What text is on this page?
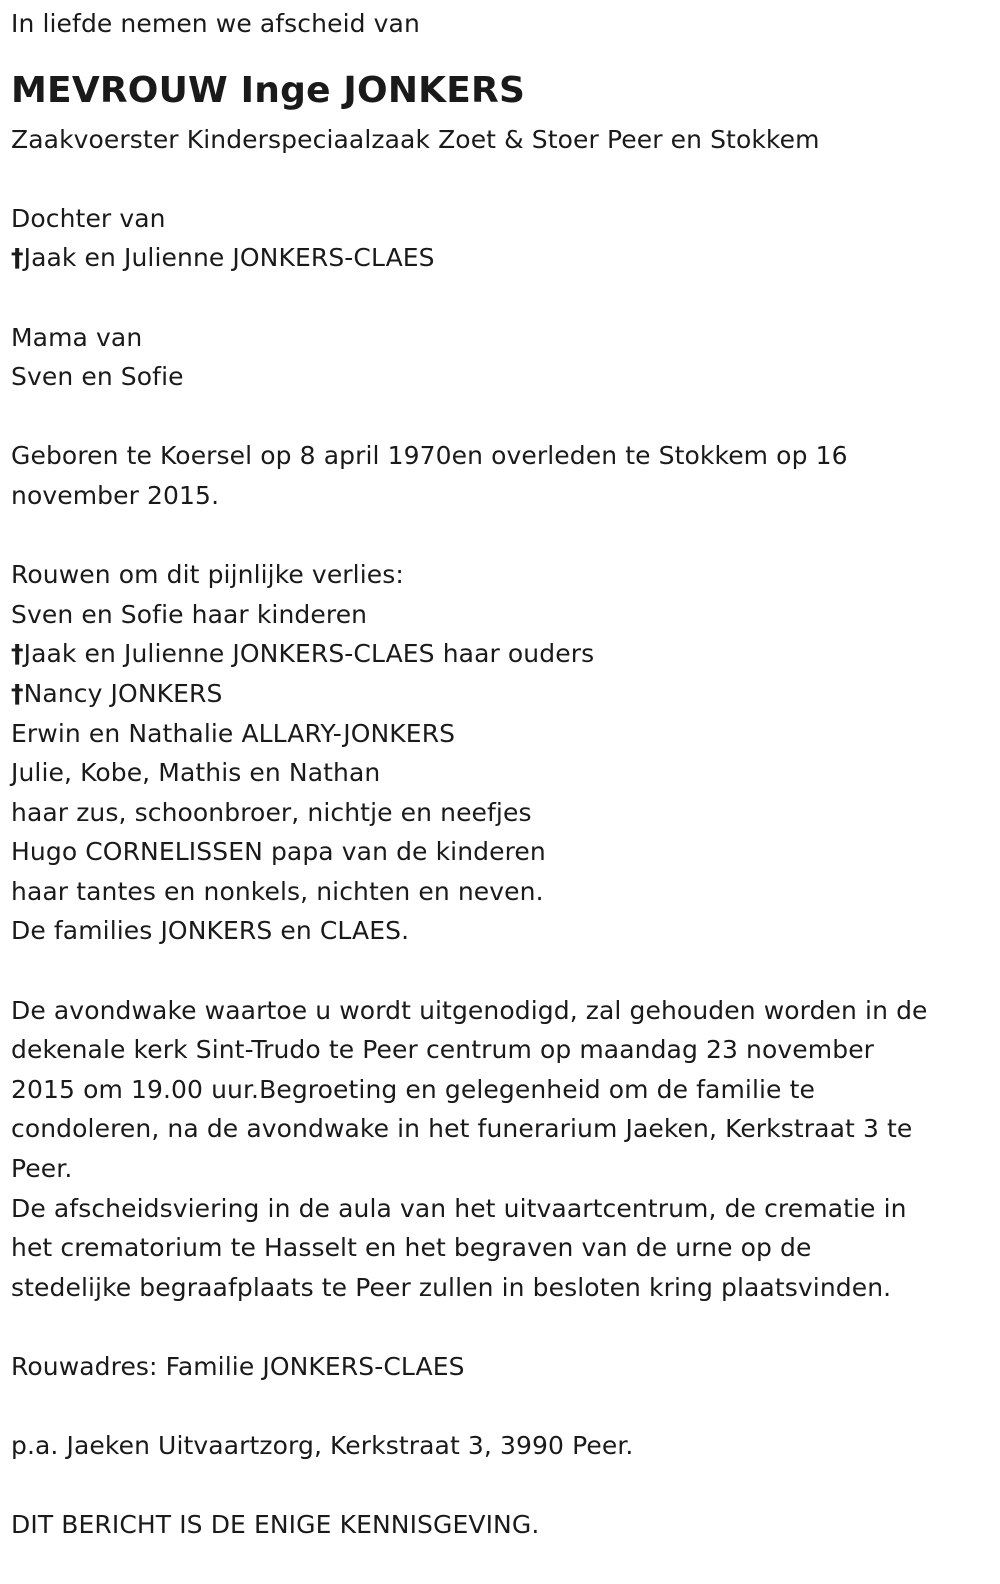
In liefde nemen we afscheid van
MEVROUW Inge JONKERS
Zaakvoerster Kinderspeciaalzaak Zoet & Stoer Peer en Stokkem
Dochter van
†Jaak en Julienne JONKERS-CLAES
Mama van
Sven en Sofie
Geboren te Koersel op 8 april 1970en overleden te Stokkem op 16
november 2015.
Rouwen om dit pijnlijke verlies:
Sven en Sofie haar kinderen
†Jaak en Julienne JONKERS-CLAES haar ouders
†Nancy JONKERS
Erwin en Nathalie ALLARY-JONKERS
Julie, Kobe, Mathis en Nathan
haar zus, schoonbroer, nichtje en neefjes
Hugo CORNELISSEN papa van de kinderen
haar tantes en nonkels, nichten en neven.
De families JONKERS en CLAES.
De avondwake waartoe u wordt uitgenodigd, zal gehouden worden in de
dekenale kerk Sint-Trudo te Peer centrum op maandag 23 november
2015 om 19.00 uur.Begroeting en gelegenheid om de familie te
condoleren, na de avondwake in het funerarium Jaeken, Kerkstraat 3 te
Peer.
De afscheidsviering in de aula van het uitvaartcentrum, de crematie in
het crematorium te Hasselt en het begraven van de urne op de
stedelijke begraafplaats te Peer zullen in besloten kring plaatsvinden.
Rouwadres: Familie JONKERS-CLAES
p.a. Jaeken Uitvaartzorg, Kerkstraat 3, 3990 Peer.
DIT BERICHT IS DE ENIGE KENNISGEVING.
